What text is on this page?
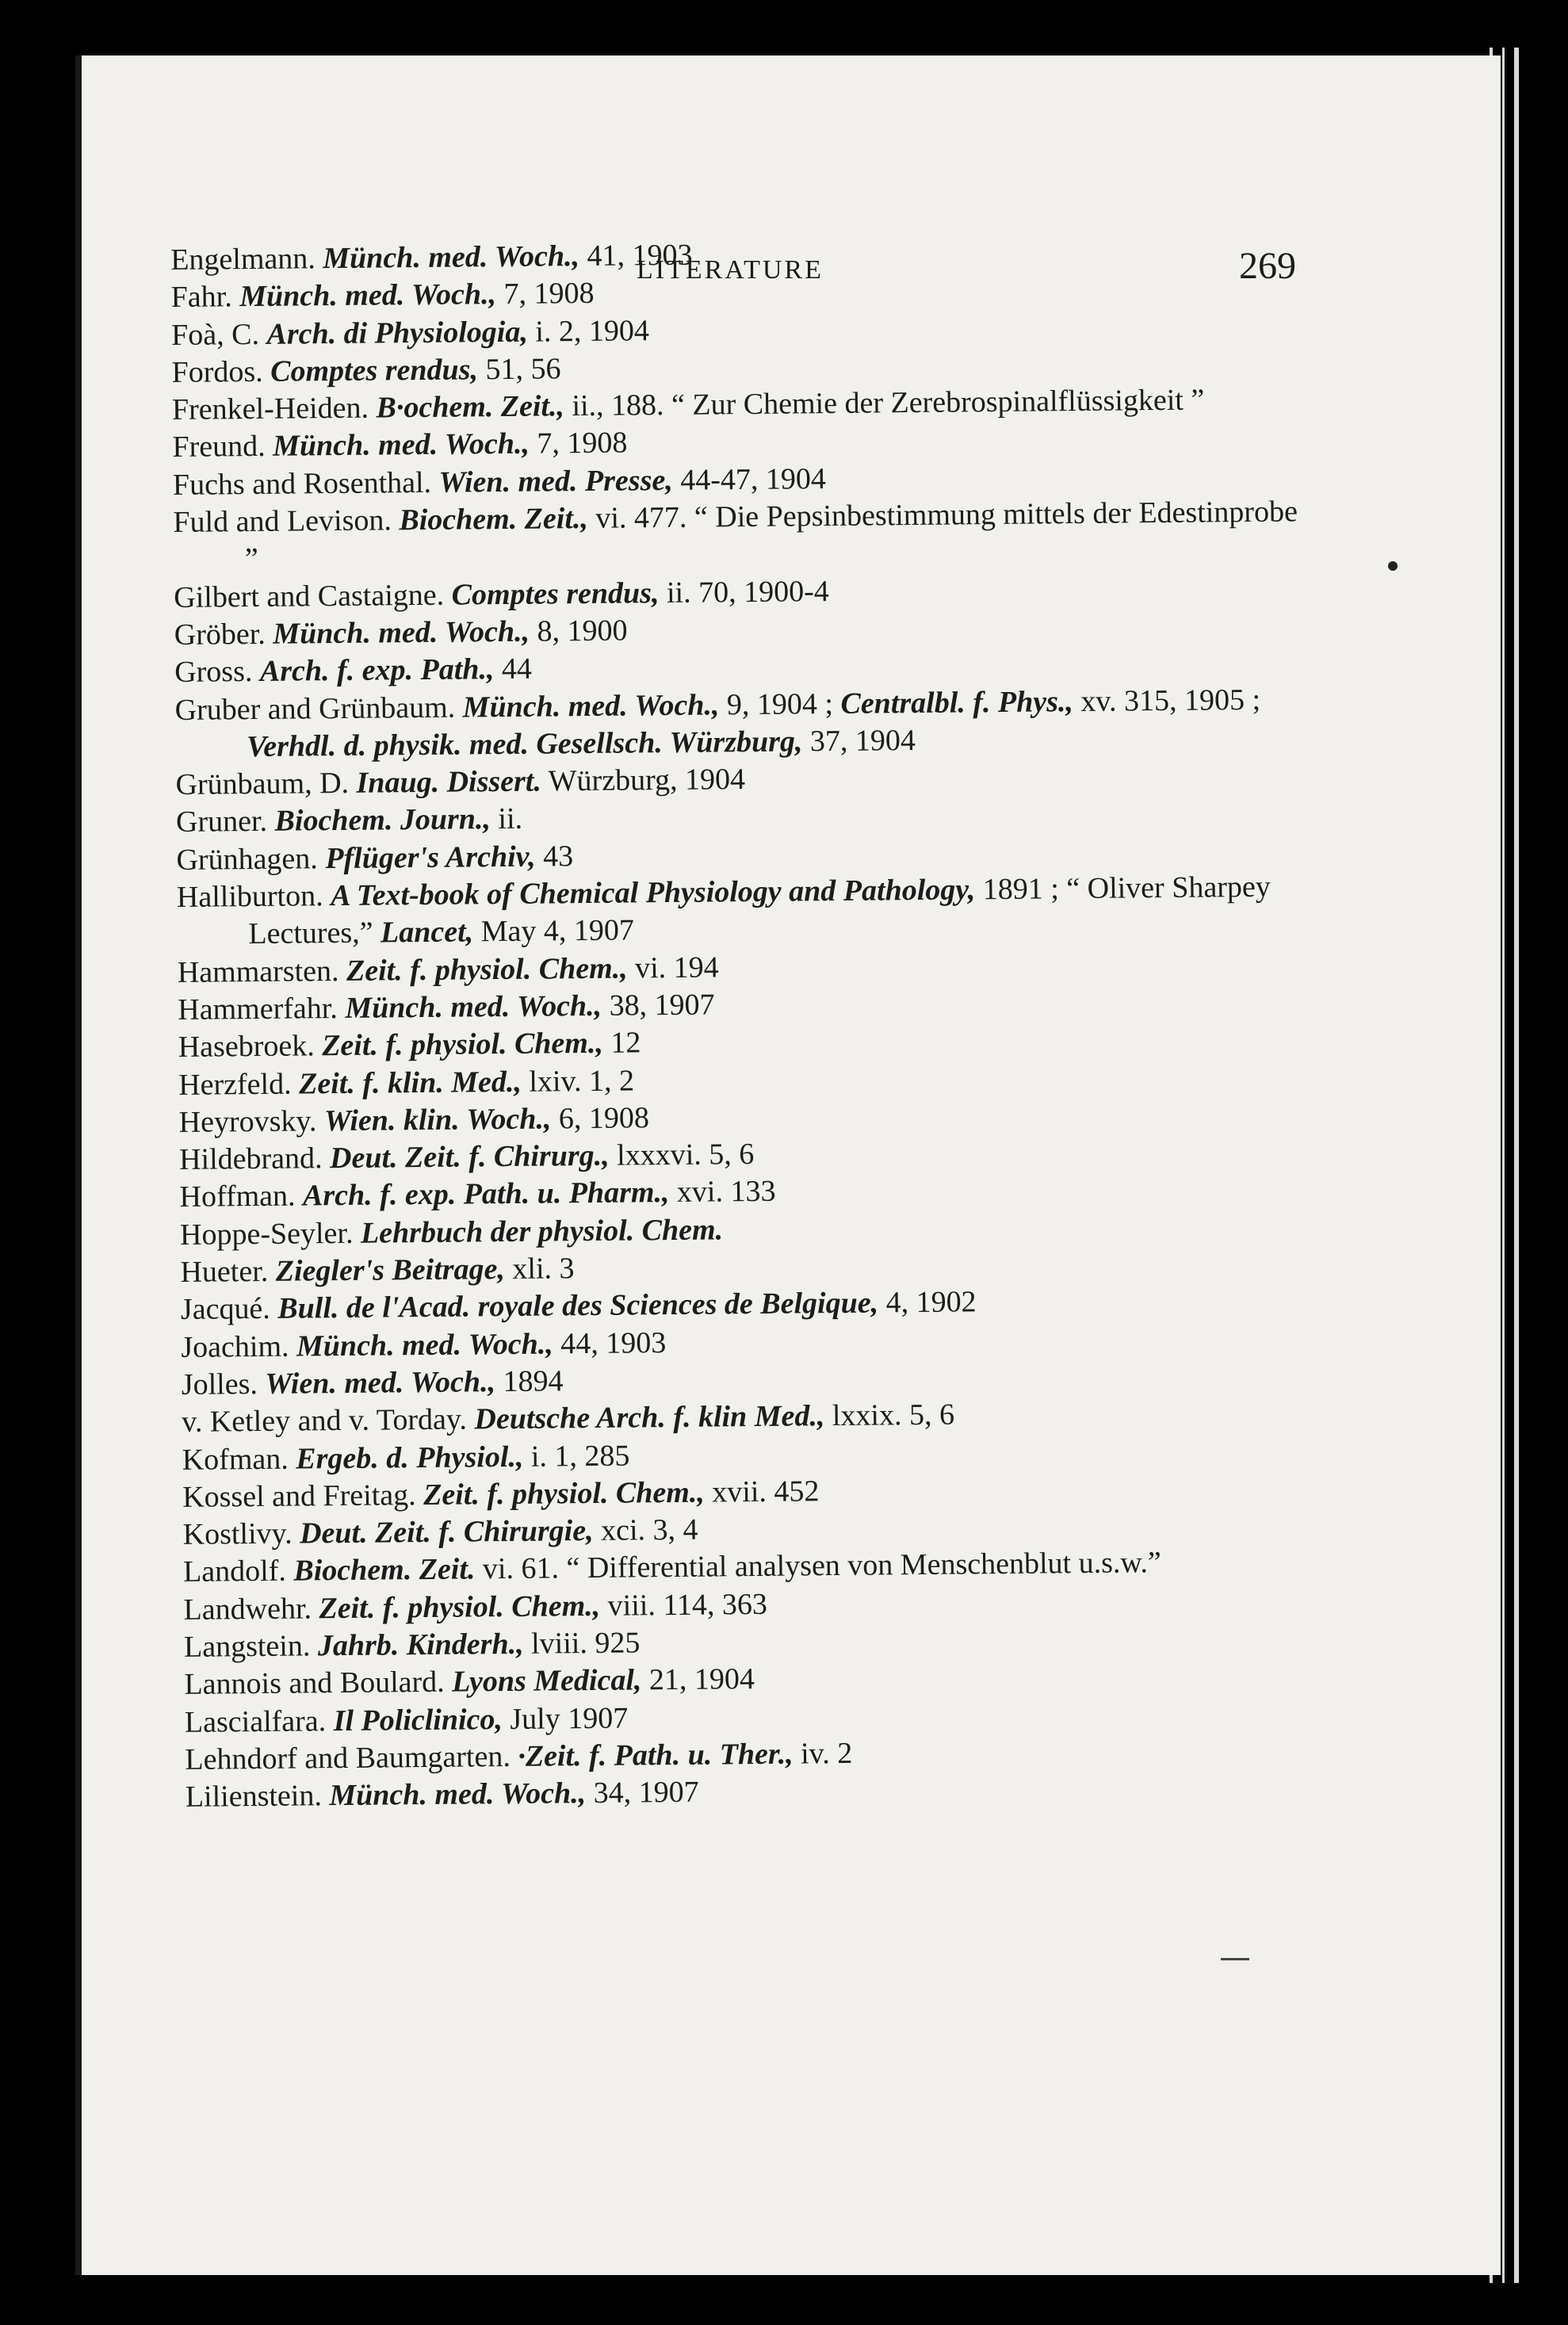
LITERATURE	269
Engelmann. Münch. med. Woch., 41, 1903
Fahr. Münch. med. Woch., 7, 1908
Foà, C. Arch. di Physiologia, i. 2, 1904
Fordos. Comptes rendus, 51, 56
Frenkel-Heiden. B·ochem. Zeit., ii., 188. “ Zur Chemie der Zerebrospinalflüssigkeit ”
Freund. Münch. med. Woch., 7, 1908
Fuchs and Rosenthal. Wien. med. Presse, 44-47, 1904
Fuld and Levison. Biochem. Zeit., vi. 477. “ Die Pepsinbestimmung mittels der Edestinprobe ”
Gilbert and Castaigne. Comptes rendus, ii. 70, 1900-4
Gröber. Münch. med. Woch., 8, 1900
Gross. Arch. f. exp. Path., 44
Gruber and Grünbaum. Münch. med. Woch., 9, 1904 ; Centralbl. f. Phys., xv. 315, 1905 ; Verhdl. d. physik. med. Gesellsch. Würzburg, 37, 1904
Grünbaum, D. Inaug. Dissert. Würzburg, 1904
Gruner. Biochem. Journ., ii.
Grünhagen. Pflüger's Archiv, 43
Halliburton. A Text-book of Chemical Physiology and Pathology, 1891 ; “ Oliver Sharpey Lectures,” Lancet, May 4, 1907
Hammarsten. Zeit. f. physiol. Chem., vi. 194
Hammerfahr. Münch. med. Woch., 38, 1907
Hasebroek. Zeit. f. physiol. Chem., 12
Herzfeld. Zeit. f. klin. Med., lxiv. 1, 2
Heyrovsky. Wien. klin. Woch., 6, 1908
Hildebrand. Deut. Zeit. f. Chirurg., lxxxvi. 5, 6
Hoffman. Arch. f. exp. Path. u. Pharm., xvi. 133
Hoppe-Seyler. Lehrbuch der physiol. Chem.
Hueter. Ziegler's Beitrage, xli. 3
Jacqué. Bull. de l'Acad. royale des Sciences de Belgique, 4, 1902
Joachim. Münch. med. Woch., 44, 1903
Jolles. Wien. med. Woch., 1894
v. Ketley and v. Torday. Deutsche Arch. f. klin Med., lxxix. 5, 6
Kofman. Ergeb. d. Physiol., i. 1, 285
Kossel and Freitag. Zeit. f. physiol. Chem., xvii. 452
Kostlivy. Deut. Zeit. f. Chirurgie, xci. 3, 4
Landolf. Biochem. Zeit. vi. 61. “ Differential analysen von Menschenblut u.s.w.”
Landwehr. Zeit. f. physiol. Chem., viii. 114, 363
Langstein. Jahrb. Kinderh., lviii. 925
Lannois and Boulard. Lyons Medical, 21, 1904
Lascialfara. Il Policlinico, July 1907
Lehndorf and Baumgarten. ·Zeit. f. Path. u. Ther., iv. 2
Lilienstein. Münch. med. Woch., 34, 1907
